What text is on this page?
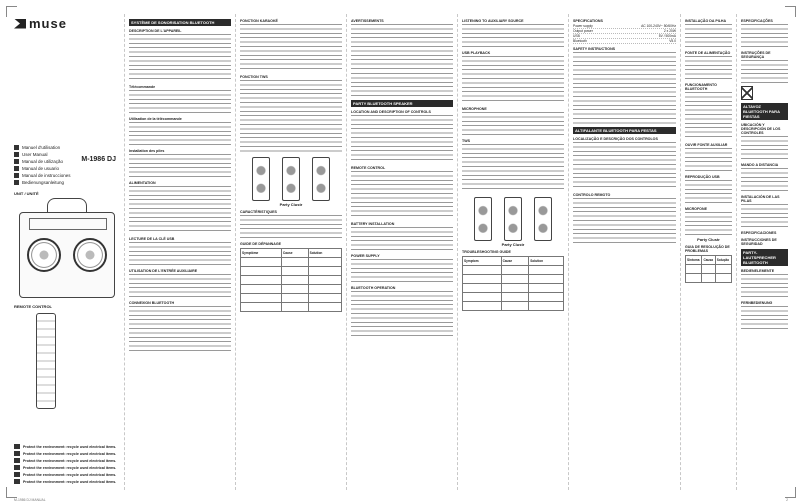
muse
Manuel d'utilisation
User Manual
Manual de utilização
Manual de usuario
Manual de instrucciones
Bedienungsanleitung
M-1986 DJ
UNIT / UNITÉ
REMOTE CONTROL
Protect the environment: recycle used electrical items.
Protect the environment: recycle used electrical items.
Protect the environment: recycle used electrical items.
Protect the environment: recycle used electrical items.
Protect the environment: recycle used electrical items.
Protect the environment: recycle used electrical items.
SYSTÈME DE SONORISATION BLUETOOTH
DESCRIPTION DE L'APPAREIL
Télécommande
Utilisation de la télécommande
Installation des piles
ALIMENTATION
LECTURE DE LA CLÉ USB
UTILISATION DE L'ENTRÉE AUXILIAIRE
CONNEXION BLUETOOTH
FONCTION KARAOKÉ
FONCTION TWS
Party Clustr
CARACTÉRISTIQUES
GUIDE DE DÉPANNAGE
Symptôme	Cause	Solution

AVERTISSEMENTS
PARTY BLUETOOTH SPEAKER
LOCATION AND DESCRIPTION OF CONTROLS
REMOTE CONTROL
BATTERY INSTALLATION
POWER SUPPLY
BLUETOOTH OPERATION
LISTENING TO AUXILIARY SOURCE
USB PLAYBACK
MICROPHONE
TWS
Party Clustr
TROUBLESHOOTING GUIDE
Symptom	Cause	Solution

SPECIFICATIONS
Power supply	AC 100-240V~ 50/60Hz
Output power	2 x 20W
USB	5V / 500mA
Bluetooth	V5.0
SAFETY INSTRUCTIONS
ALTIFALANTE BLUETOOTH PARA FESTAS
LOCALIZAÇÃO E DESCRIÇÃO DOS CONTROLOS
CONTROLO REMOTO
INSTALAÇÃO DA PILHA
FONTE DE ALIMENTAÇÃO
FUNCIONAMENTO BLUETOOTH
OUVIR FONTE AUXILIAR
REPRODUÇÃO USB
MICROFONE
Party Clustr
GUIA DE RESOLUÇÃO DE PROBLEMAS
Sintoma	Causa	Solução

ESPECIFICAÇÕES
INSTRUÇÕES DE SEGURANÇA
ALTAVOZ BLUETOOTH PARA FIESTAS
UBICACIÓN Y DESCRIPCIÓN DE LOS CONTROLES
MANDO A DISTANCIA
INSTALACIÓN DE LAS PILAS
ESPECIFICACIONES
INSTRUCCIONES DE SEGURIDAD
PARTY-LAUTSPRECHER BLUETOOTH
BEDIENELEMENTE
FERNBEDIENUNG
M-1986 DJ MANUAL	2
